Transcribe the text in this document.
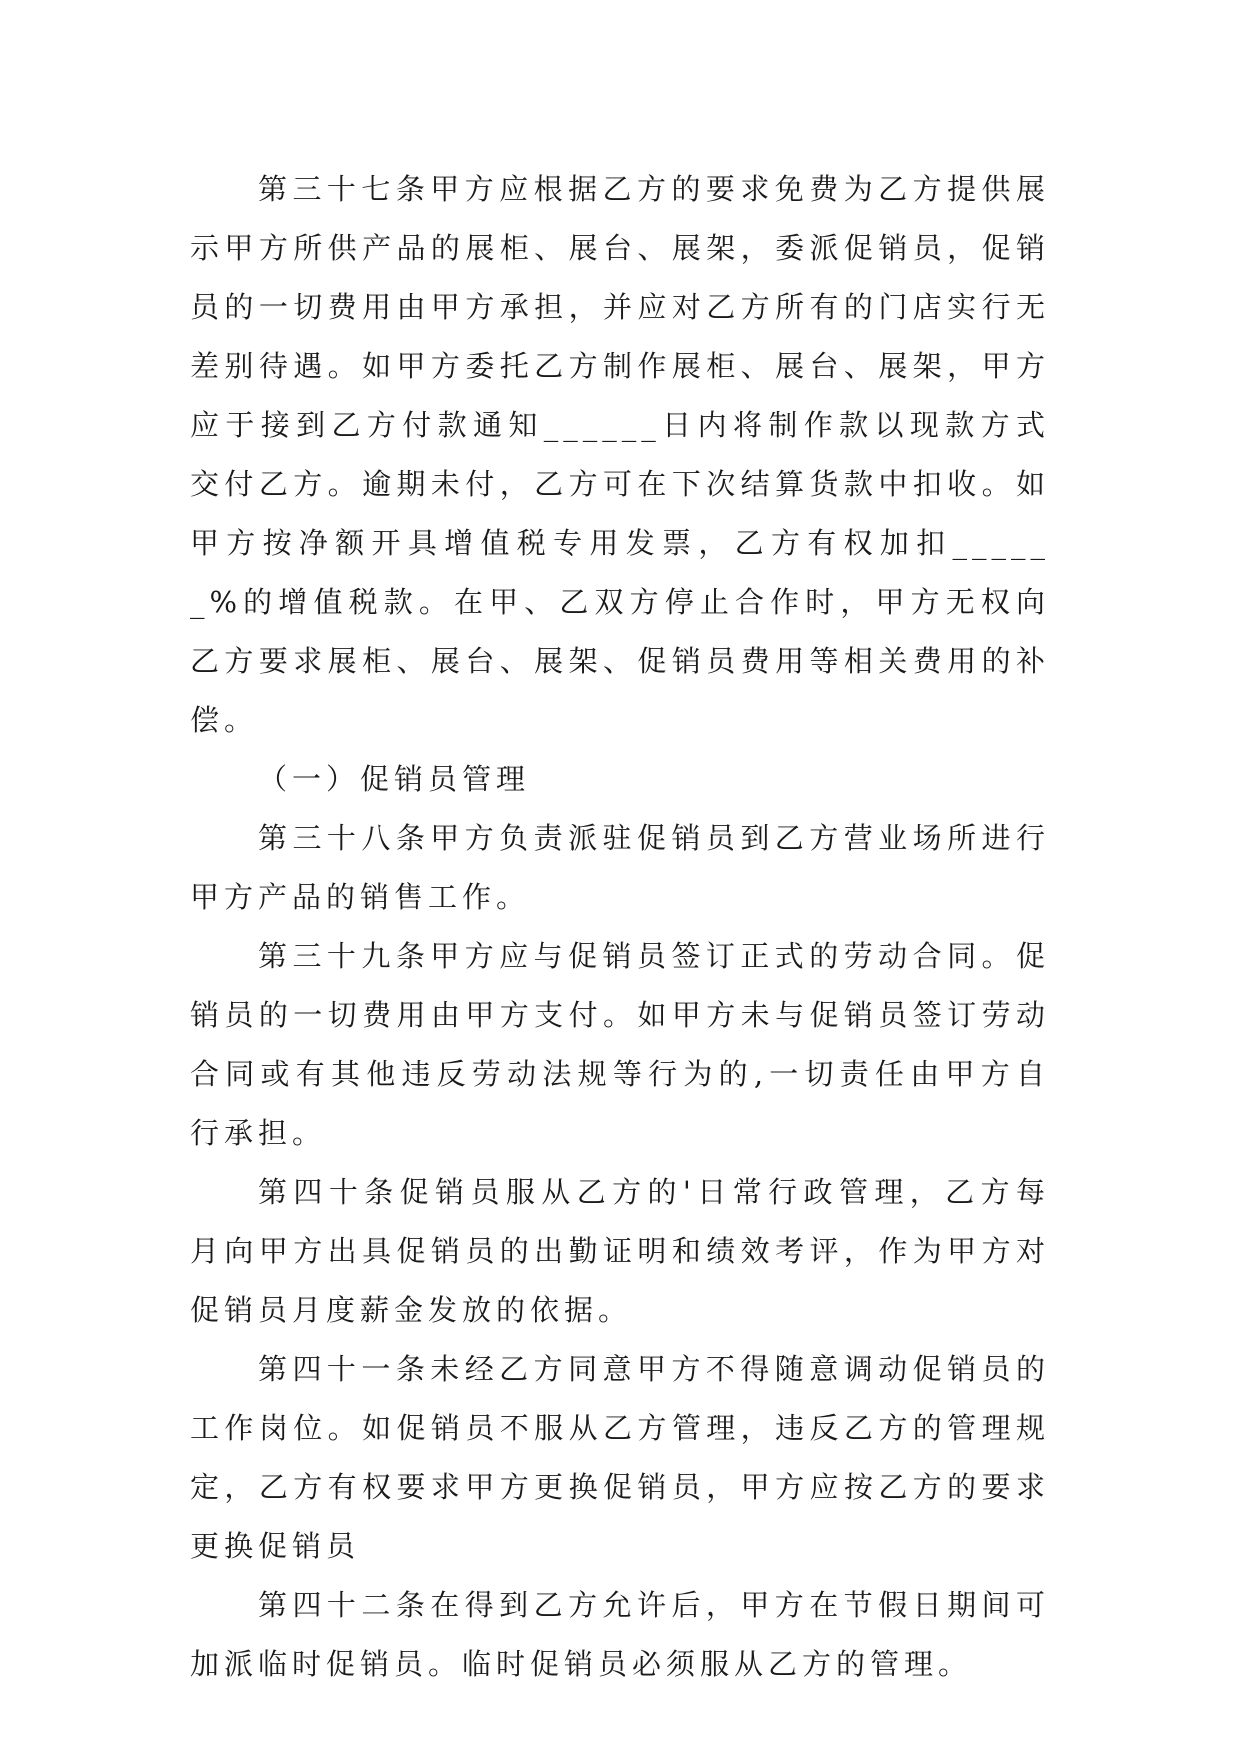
第三十七条甲方应根据乙方的要求免费为乙方提供展示甲方所供产品的展柜、展台、展架，委派促销员，促销员的一切费用由甲方承担，并应对乙方所有的门店实行无差别待遇。如甲方委托乙方制作展柜、展台、展架，甲方应于接到乙方付款通知______日内将制作款以现款方式交付乙方。逾期未付，乙方可在下次结算货款中扣收。如甲方按净额开具增值税专用发票，乙方有权加扣______%的增值税款。在甲、乙双方停止合作时，甲方无权向乙方要求展柜、展台、展架、促销员费用等相关费用的补偿。

（一）促销员管理

第三十八条甲方负责派驻促销员到乙方营业场所进行甲方产品的销售工作。

第三十九条甲方应与促销员签订正式的劳动合同。促销员的一切费用由甲方支付。如甲方未与促销员签订劳动合同或有其他违反劳动法规等行为的,一切责任由甲方自行承担。

第四十条促销员服从乙方的'日常行政管理，乙方每月向甲方出具促销员的出勤证明和绩效考评，作为甲方对促销员月度薪金发放的依据。

第四十一条未经乙方同意甲方不得随意调动促销员的工作岗位。如促销员不服从乙方管理，违反乙方的管理规定，乙方有权要求甲方更换促销员，甲方应按乙方的要求更换促销员

第四十二条在得到乙方允许后，甲方在节假日期间可加派临时促销员。临时促销员必须服从乙方的管理。
